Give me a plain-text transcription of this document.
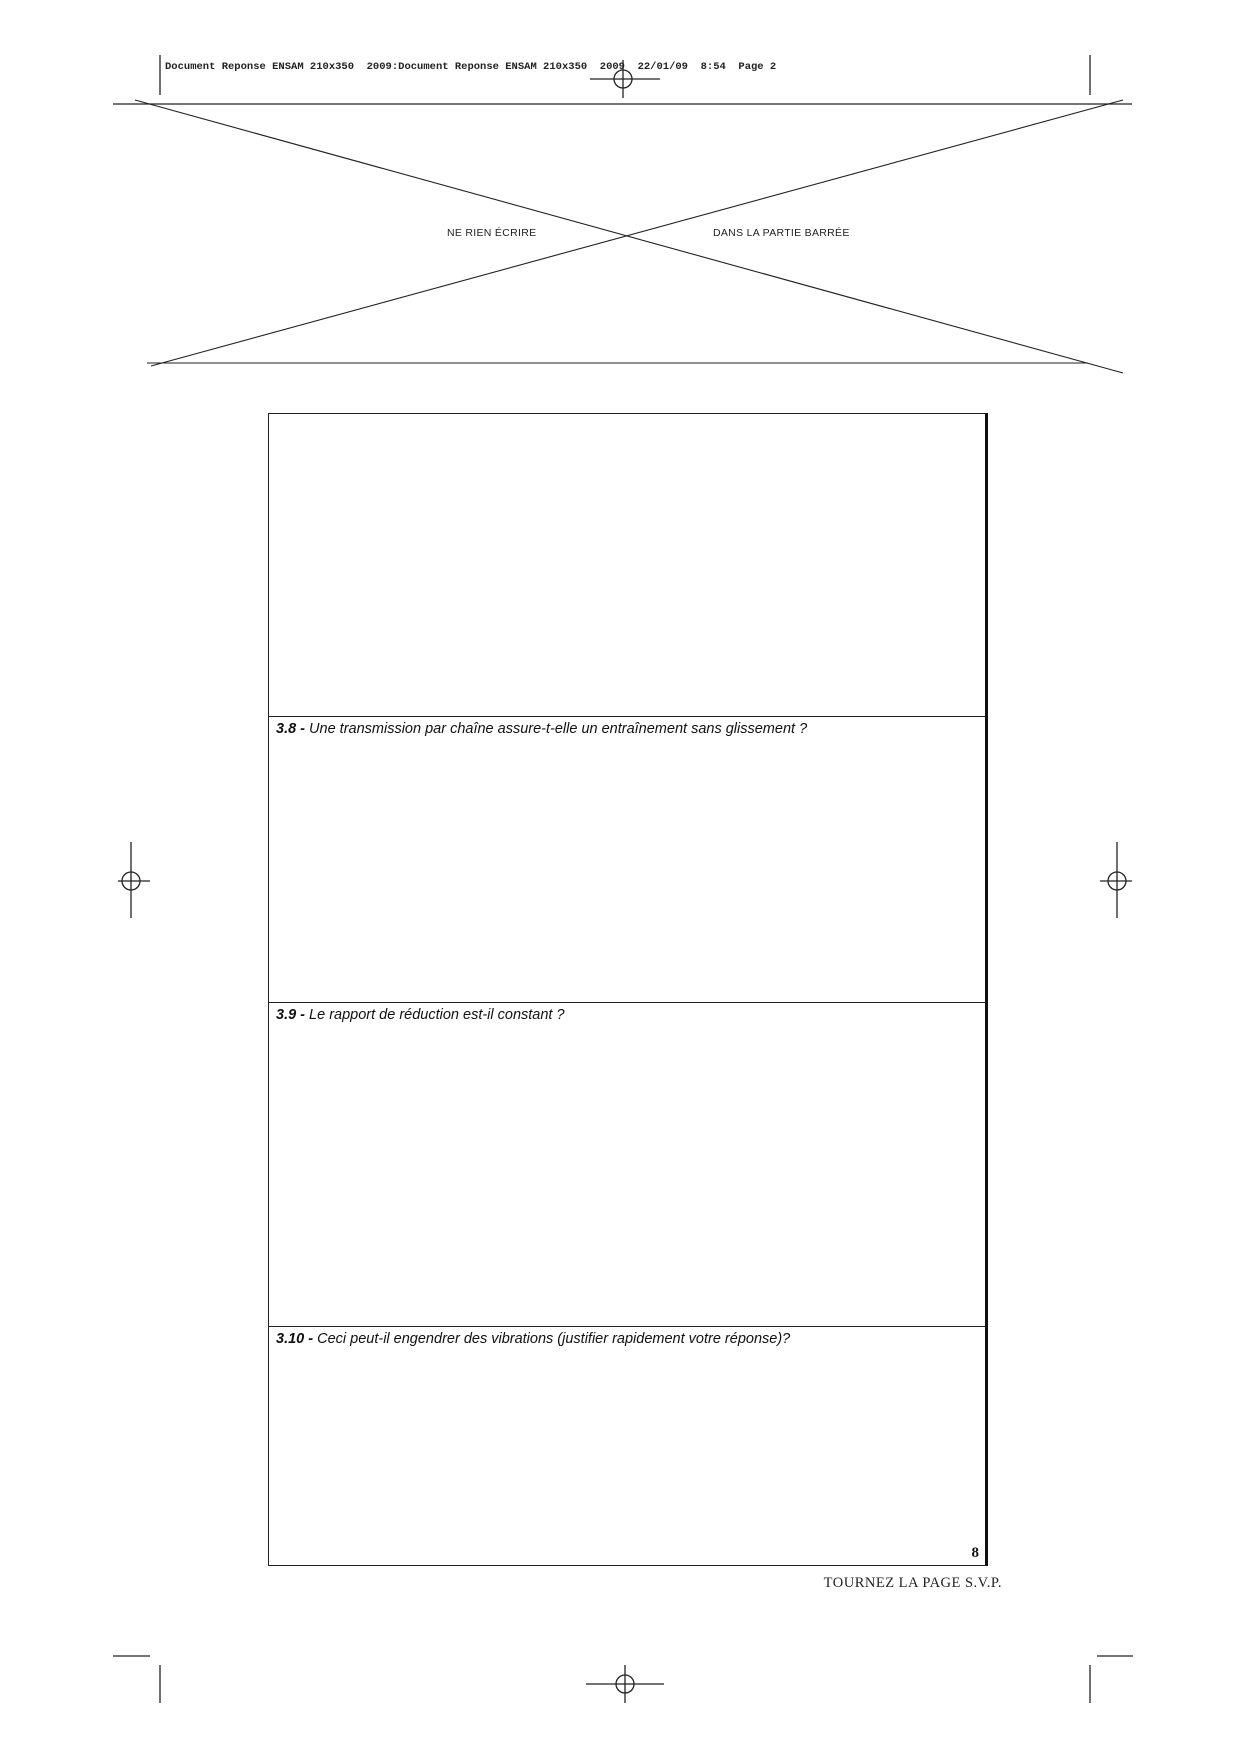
Document Reponse ENSAM 210x350  2009:Document Reponse ENSAM 210x350  2009  22/01/09  8:54  Page 2
NE RIEN ÉCRIRE	DANS LA PARTIE BARRÉE
3.8 - Une transmission par chaîne assure-t-elle un entraînement sans glissement ?
3.9 - Le rapport de réduction est-il constant ?
3.10 - Ceci peut-il engendrer des vibrations (justifier rapidement votre réponse)?
8
TOURNEZ LA PAGE S.V.P.
